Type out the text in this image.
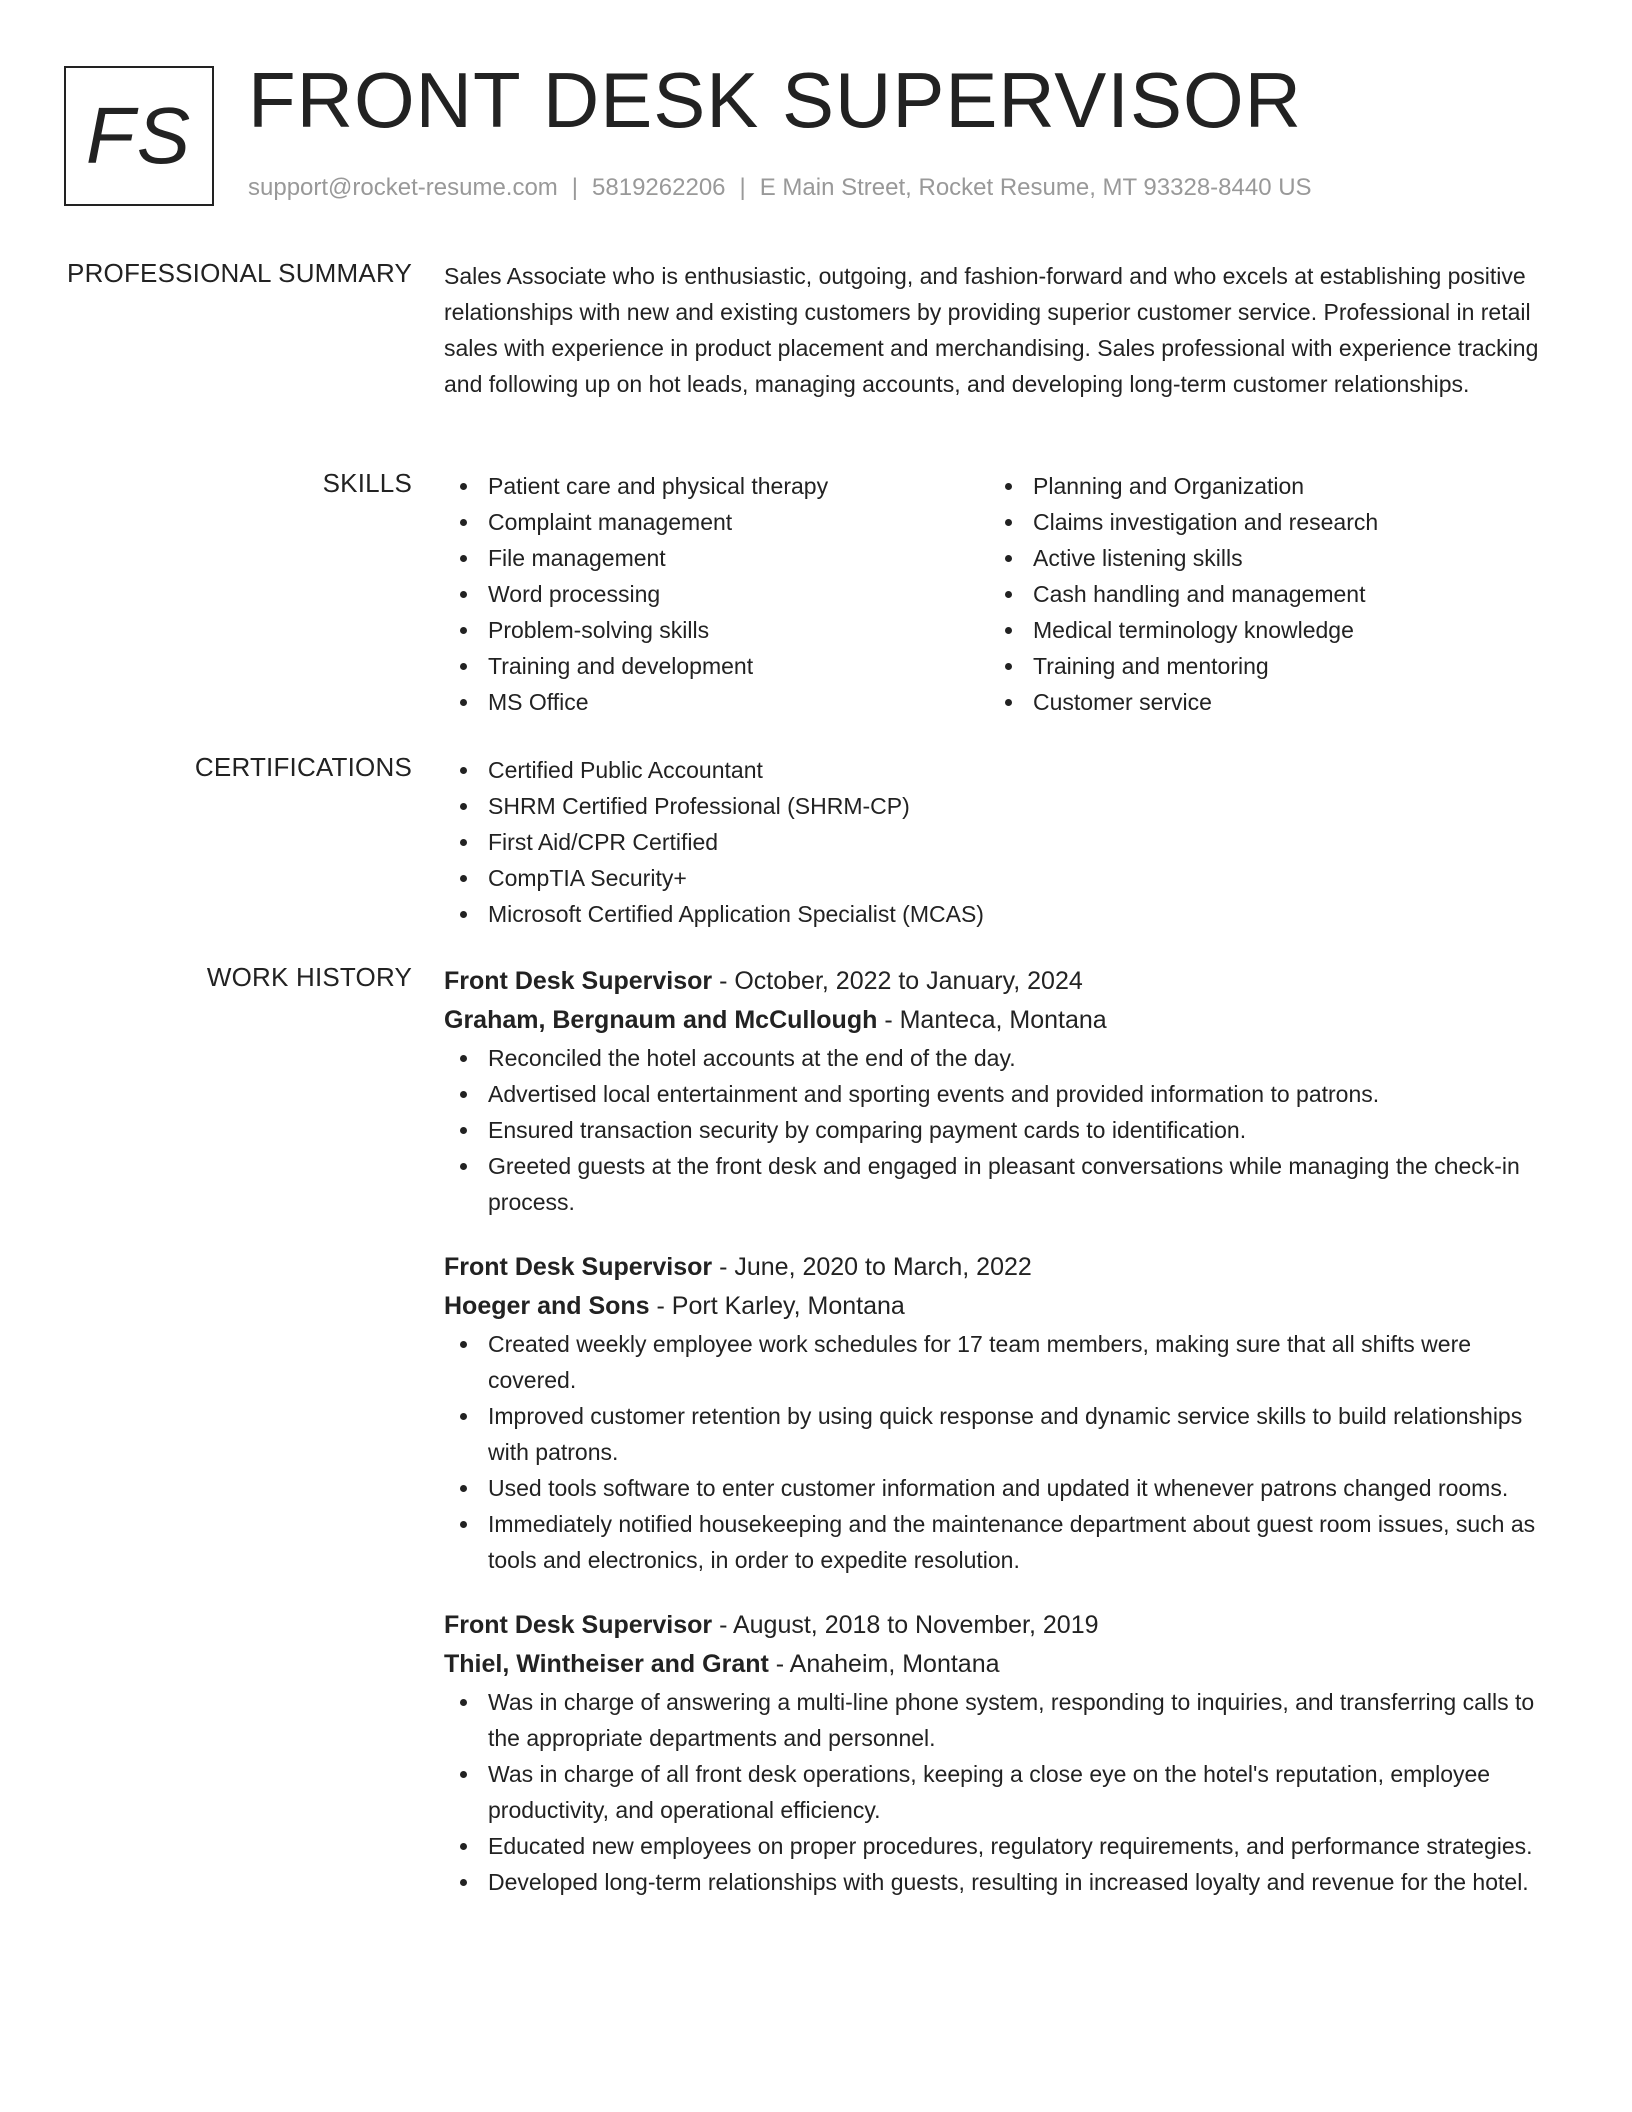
FS FRONT DESK SUPERVISOR
support@rocket-resume.com | 5819262206 | E Main Street, Rocket Resume, MT 93328-8440 US
PROFESSIONAL SUMMARY Sales Associate who is enthusiastic, outgoing, and fashion-forward and who excels at establishing positive relationships with new and existing customers by providing superior customer service. Professional in retail sales with experience in product placement and merchandising. Sales professional with experience tracking and following up on hot leads, managing accounts, and developing long-term customer relationships.

SKILLS	Patient care and physical therapy
Complaint management
File management
Word processing
Problem-solving skills
Training and development
MS Office
Planning and Organization
Claims investigation and research
Active listening skills
Cash handling and management
Medical terminology knowledge
Training and mentoring
Customer service
CERTIFICATIONS	Certified Public Accountant
SHRM Certified Professional (SHRM-CP)
First Aid/CPR Certified
CompTIA Security+
Microsoft Certified Application Specialist (MCAS)
WORK HISTORY Front Desk Supervisor - October, 2022 to January, 2024
Graham, Bergnaum and McCullough - Manteca, Montana
Reconciled the hotel accounts at the end of the day.
Advertised local entertainment and sporting events and provided information to patrons.
Ensured transaction security by comparing payment cards to identification.
Greeted guests at the front desk and engaged in pleasant conversations while managing the check-in process.
Front Desk Supervisor - June, 2020 to March, 2022
Hoeger and Sons - Port Karley, Montana
Created weekly employee work schedules for 17 team members, making sure that all shifts were covered.
Improved customer retention by using quick response and dynamic service skills to build relationships with patrons.
Used tools software to enter customer information and updated it whenever patrons changed rooms.
Immediately notified housekeeping and the maintenance department about guest room issues, such as tools and electronics, in order to expedite resolution.
Front Desk Supervisor - August, 2018 to November, 2019
Thiel, Wintheiser and Grant - Anaheim, Montana
Was in charge of answering a multi-line phone system, responding to inquiries, and transferring calls to the appropriate departments and personnel.
Was in charge of all front desk operations, keeping a close eye on the hotel's reputation, employee productivity, and operational efficiency.
Educated new employees on proper procedures, regulatory requirements, and performance strategies.
Developed long-term relationships with guests, resulting in increased loyalty and revenue for the hotel.
